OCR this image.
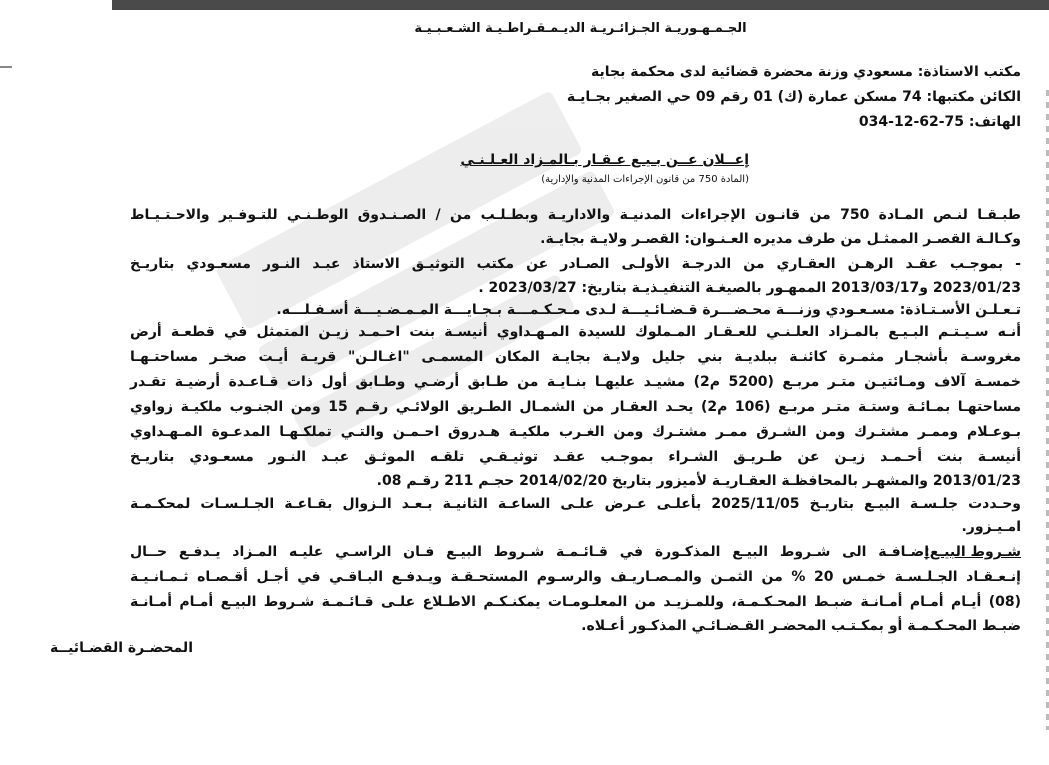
الجـمـهـوريـة الجـزائـريـة الديـمـقـراطـيـة الشـعـبـيـة
مكتب الاستاذة: مسعودي وزنة محضرة قضائية لدى محكمة بجاية
الكائن مكتبها: 74 مسكن عمارة (ك) 01 رقم 09 حي الصغير بجـايـة
الهاتف: 75-62-12-034
إعــلان عــن بـيـع عـقـار بـالمـزاد العـلـنـي
(المادة 750 من قانون الإجراءات المدنية والإدارية)
طبـقـا لنـص المـادة 750 من قانـون الإجراءات المدنيـة والاداريـة وبطـلـب من / الصـنـدوق الوطـنـي للتـوفـير والاحـتـيـاط
وكـالـة القصـر الممثـل من طرف مديره العـنـوان: القصـر ولايـة بجايـة.
- بموجـب عقـد الرهـن العقـاري من الدرجـة الأولـى الصـادر عن مكتب التوثيـق الاستاذ عبـد النـور مسعـودي بتاريـخ
2023/01/23 و2013/03/17 الممهـور بالصيغـة التنفيـذيـة بتاريخ: 2023/03/27 .
تـعـلـن الأسـتـاذة: مسـعـودي وزنـــة محـضـــرة قـضـائـيـــة لـدى مـحـكـمـــة بـجـايـــة المـمـضـيـــة أسـفـلـــه.
أنـه سـيـتـم البـيـع بالمـزاد العلـنـي للعـقـار المـملوك للسيدة المـهـداوي أنيسـة بنت احـمـد زيـن المتمثل في قطعـة أرض
مغروسـة بأشجـار مثمـرة كائنـة ببلديـة بني جليل ولايـة بجايـة المكان المسمـى "اغـالـن" قريـة أيـت صخـر مساحتـهـا
خمسـة آلاف ومـائتيـن متـر مربـع (5200 م2) مشيـد عليهـا بنـايـة من طـابق أرضـي وطـابق أول ذات قـاعـدة أرضيـة تقـدر
مساحتهـا بمـائـة وستـة متـر مربـع (106 م2) يحـد العقـار من الشمـال الطـريق الولائـي رقـم 15 ومن الجنـوب ملكيـة زواوي
بـوعـلام وممـر مشتـرك ومن الشـرق ممـر مشتـرك ومن الغـرب ملكيـة هـدروق احـمـن والتـي تملكـهـا المدعـوة المـهـداوي
أنيسـة بنت أحـمـد زيـن عن طـريـق الشـراء بموجـب عقـد توثيـقـي تلقـه الموثـق عبـد النـور مسعـودي بتاريـخ
2013/01/23 والمشهـر بالمحافظـة العقـاريـة لأميزور بتاريخ 2014/02/20 حجـم 211 رقـم 08.
وحـددت جلـسـة البيـع بتاريـخ 2025/11/05 بأعلـى عـرض علـى الساعـة الثانيـة بـعـد الـزوال بقـاعـة الجـلـسـات لمحكـمـة
امـيـزور.
شـروط البيـع:
إضـافـة الى شـروط البيـع المذكـورة في قـائـمـة شـروط البيـع فـان الراسـي عليـه المـزاد يـدفـع حــال
إنـعـقـاد الجـلـسـة خمـس 20 % من الثمـن والمـصـاريـف والرسـوم المستحـقـة ويـدفـع البـاقـي في أجـل أقـصـاه ثـمـانـيـة
(08) أيـام أمـام أمـانـة ضبـط المحـكـمـة، وللمـزيـد من المعلـومـات يمكنـكـم الاطـلاع علـى قـائـمـة شـروط البيـع أمـام أمـانـة
ضبـط المحـكـمـة أو بمكـتـب المحضـر القـضـائـي المذكـور أعـلاه.
المحضـرة القضـائيــة
